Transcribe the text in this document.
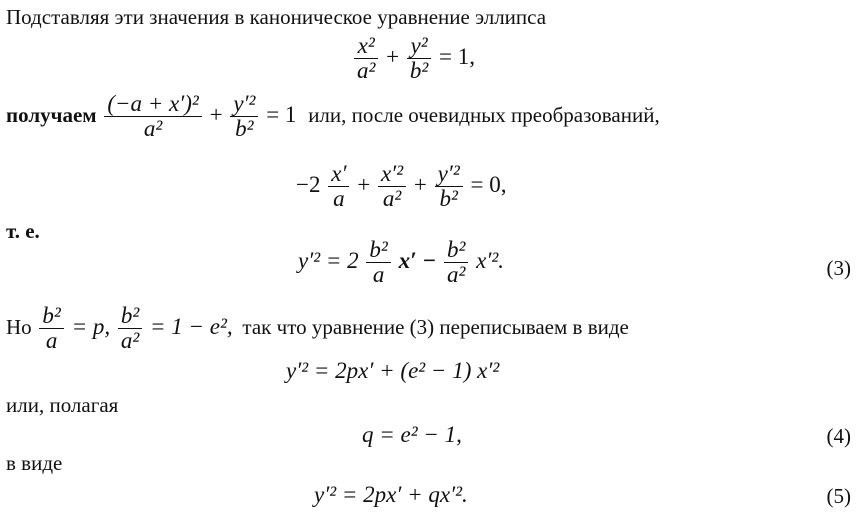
Подставляя эти значения в каноническое уравнение эллипса
$\frac{\text{x²}}{\text{a²}} + \frac{\text{y²}}{\text{b²}} = 1$,
получаем $\frac{\text{(−a + x′)²}}{\text{a²}} + \frac{\text{y′²}}{\text{b²}} = 1$ или, после очевидных преобразований,
$-2 \frac{x'}{a} + \frac{\text{x′²}}{\text{a²}} + \frac{\text{y′²}}{\text{b²}} = 0$,
т. е.
$y'^2 = 2 \frac{\text{b²}}{a} x' - \frac{\text{b²}}{\text{a²}} x'^2$.	(3)
Но $\frac{\text{b²}}{a} = p$, $\frac{\text{b²}}{\text{a²}} = 1 - e^2$, так что уравнение (3) переписываем в виде
y′² = 2px′ + (e² − 1) x′²
или, полагая
q = e² − 1,	(4)
в виде
y′² = 2px′ + qx′².	(5)
